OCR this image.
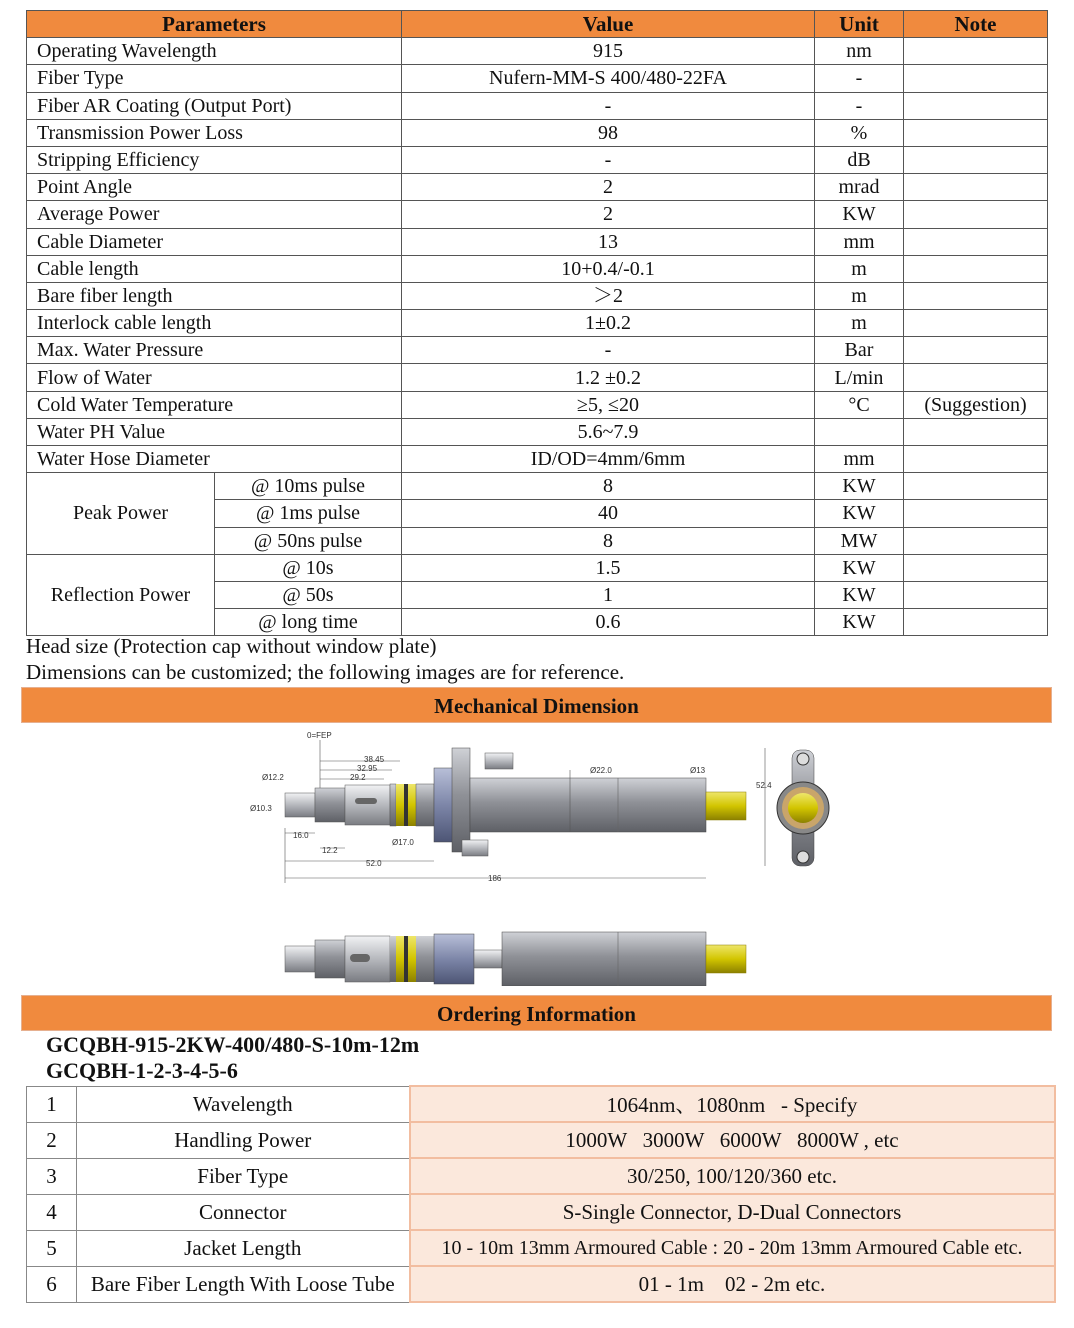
Parameters		Value	Unit	Note
Operating Wavelength		915	nm	
Fiber Type		Nufern-MM-S 400/480-22FA	-	
Fiber AR Coating (Output Port)		-	-	
Transmission Power Loss		98	%	
Stripping Efficiency		-	dB	
Point Angle		2	mrad	
Average Power		2	KW	
Cable Diameter		13	mm	
Cable length		10+0.4/-0.1	m	
Bare fiber length		＞2	m	
Interlock cable length		1±0.2	m	
Max. Water Pressure		-	Bar	
Flow of Water		1.2 ±0.2	L/min	
Cold Water Temperature		≥5, ≤20	°C	(Suggestion)
Water PH Value		5.6~7.9		
Water Hose Diameter		ID/OD=4mm/6mm	mm	
Peak Power	@ 10ms pulse	8	KW	
	@ 1ms pulse	40	KW	
	@ 50ns pulse	8	MW	
Reflection Power	@ 10s	1.5	KW	
	@ 50s	1	KW	
	@ long time	0.6	KW	
Head size (Protection cap without window plate)
Dimensions can be customized; the following images are for reference.
Mechanical Dimension
0=FEP
38.45
32.95
29.2
Ø12.2
Ø10.3
Ø22.0	Ø13
Ø17.0
16.0
12.2
52.0
186
52.4
Ordering Information
GCQBH-915-2KW-400/480-S-10m-12m
GCQBH-1-2-3-4-5-6
1	Wavelength	1064nm、1080nm   - Specify
2	Handling Power	1000W   3000W   6000W   8000W , etc
3	Fiber Type	30/250, 100/120/360 etc.
4	Connector	S-Single Connector, D-Dual Connectors
5	Jacket Length	10 - 10m 13mm Armoured Cable : 20 - 20m 13mm Armoured Cable etc.
6	Bare Fiber Length With Loose Tube	01 - 1m    02 - 2m etc.
